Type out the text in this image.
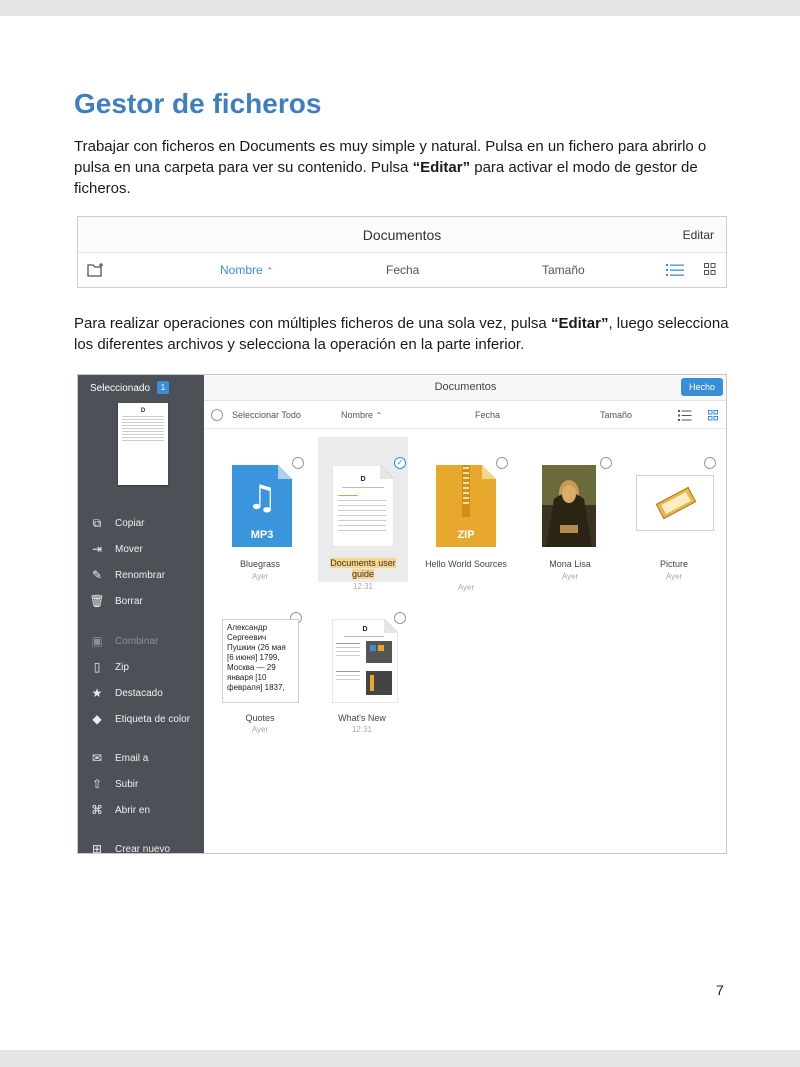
Gestor de ficheros

Trabajar con ficheros en Documents es muy simple y natural. Pulsa en un fichero para abrirlo o pulsa en una carpeta para ver su contenido. Pulsa “Editar” para activar el modo de gestor de ficheros.

Documentos	Editar
Nombre ⌃	Fecha	Tamaño

Para realizar operaciones con múltiples ficheros de una sola vez, pulsa “Editar”, luego selecciona los diferentes archivos y selecciona la operación en la parte inferior.

Seleccionado	1
D
⧉	Copiar
⇥	Mover
✎	Renombrar
🗑 Borrar
▣	Combinar
▯	Zip
★	Destacado
◆	Etiqueta de color
✉	Email a
⇧	Subir
⌘	Abrir en
⊞	Crear nuevo
Documentos	Hecho
Seleccionar Todo	Nombre ⌃	Fecha	Tamaño
♫
MP3
Bluegrass
Ayer
✓
D
Documents user guide
12:31
ZIP
Hello World Sources
Ayer
Mona Lisa
Ayer
Picture
Ayer
Александр Сергеевич Пушкин (26 мая [6 июня] 1799, Москва — 29 января [10 февраля] 1837,
Quotes
Ayer
D
What's New
12:31
7
